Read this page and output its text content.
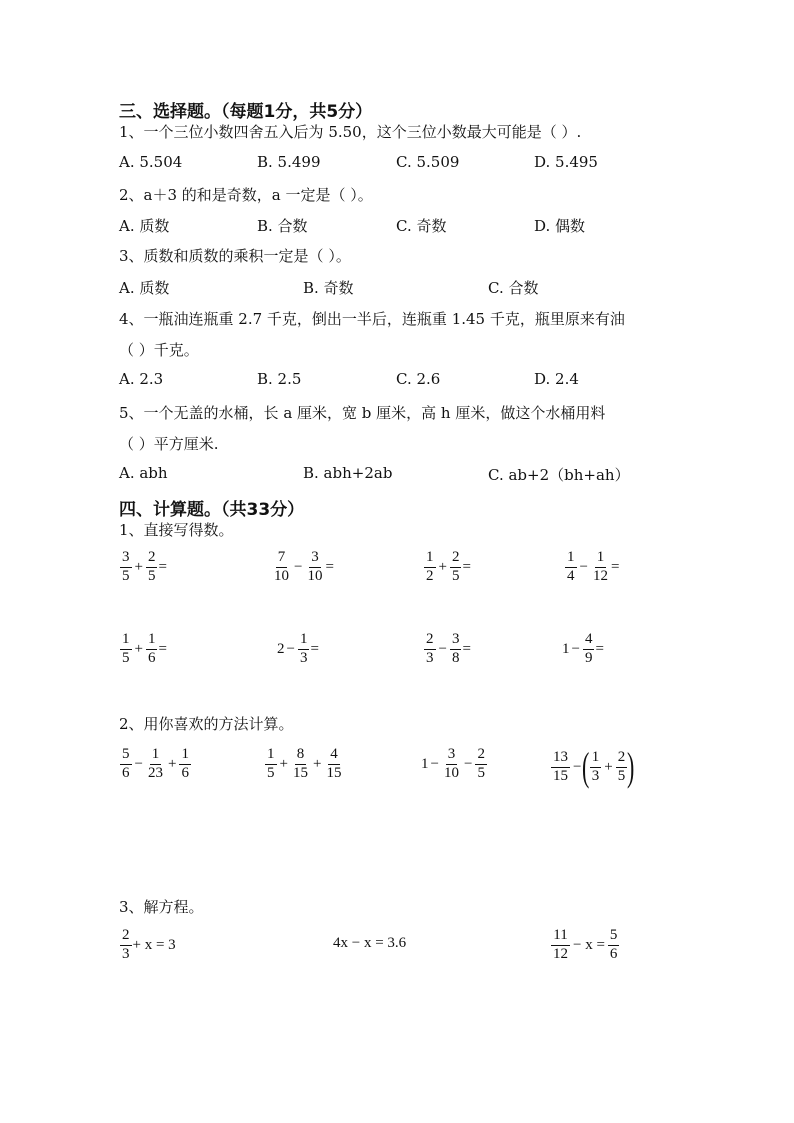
三、选择题。（每题1分，共5分）
1、一个三位小数四舍五入后为 5.50，这个三位小数最大可能是（ ）.
A. 5.504	B. 5.499	C. 5.509	D. 5.495
2、a＋3 的和是奇数，a 一定是（ ）。
A. 质数	B. 合数	C. 奇数	D. 偶数
3、质数和质数的乘积一定是（ ）。
A. 质数	B. 奇数	C. 合数
4、一瓶油连瓶重 2.7 千克，倒出一半后，连瓶重 1.45 千克，瓶里原来有油
（ ）千克。
A. 2.3	B. 2.5	C. 2.6	D. 2.4
5、一个无盖的水桶，长 a 厘米，宽 b 厘米，高 h 厘米，做这个水桶用料
（ ）平方厘米.
A. abh	B. abh+2ab	C. ab+2（bh+ah）
四、计算题。（共33分）
1、直接写得数。
$\frac{3}{5} + \frac{2}{5}$ =	$\frac{7}{10} - \frac{3}{10}$ =	$\frac{1}{2} + \frac{2}{5}$ =	$\frac{1}{4} - \frac{1}{12}$ =
$\frac{1}{5} + \frac{1}{6}$ =	$2 - \frac{1}{3}$ =	$\frac{2}{3} - \frac{3}{8}$ =	$1 - \frac{4}{9}$ =
2、用你喜欢的方法计算。
$\frac{5}{6} - \frac{1}{23} + \frac{1}{6}$	$\frac{1}{5} + \frac{8}{15} + \frac{4}{15}$	$1 - \frac{3}{10} - \frac{2}{5}$	$\frac{13}{15}$ − ( $\frac{1}{3} + \frac{2}{5}$ )
3、解方程。
$\frac{2}{3} + x = 3$	4x − x = 3.6	$\frac{11}{12} - x = \frac{5}{6}$
